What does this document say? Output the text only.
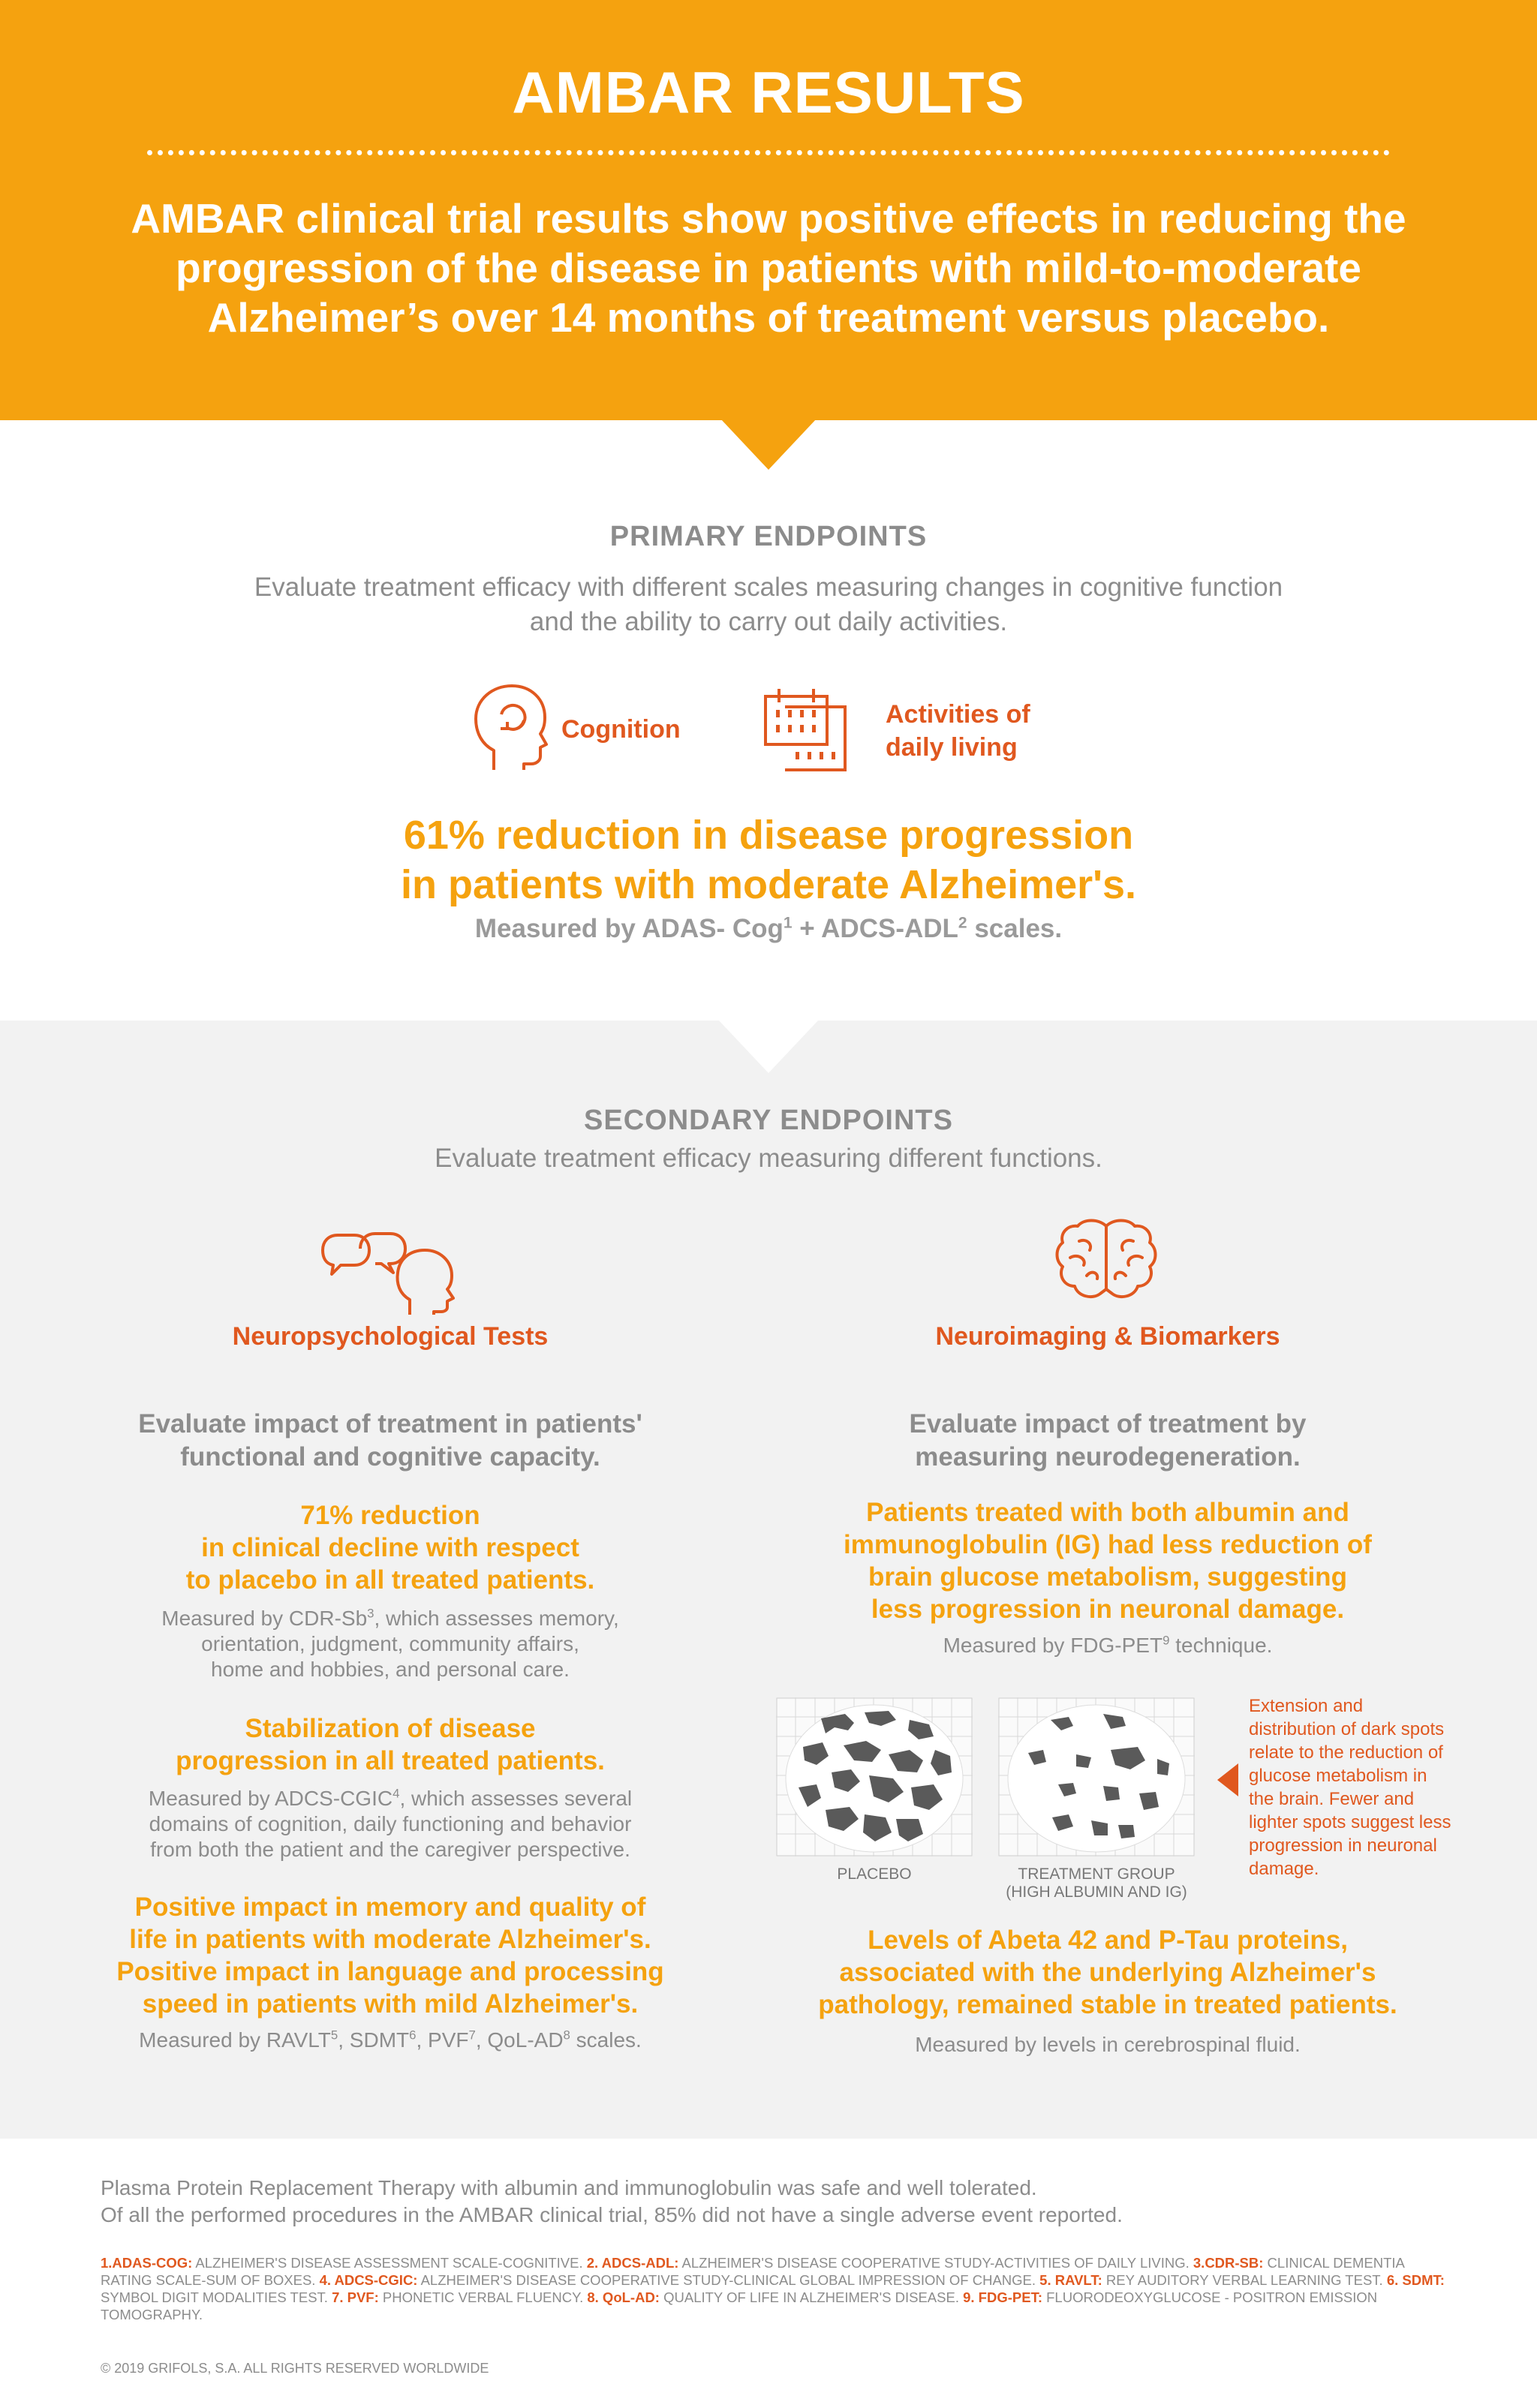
AMBAR RESULTS
AMBAR clinical trial results show positive effects in reducing the progression of the disease in patients with mild-to-moderate Alzheimer’s over 14 months of treatment versus placebo.
PRIMARY ENDPOINTS
Evaluate treatment efficacy with different scales measuring changes in cognitive function and the ability to carry out daily activities.
Cognition
Activities of
daily living
61% reduction in disease progression
in patients with moderate Alzheimer's.
Measured by ADAS- Cog$^1$ + ADCS-$ADL^2$ scales.
SECONDARY ENDPOINTS
Evaluate treatment efficacy measuring different functions.
Neuropsychological Tests
Evaluate impact of treatment in patients'
functional and cognitive capacity.
71% reduction
in clinical decline with respect
to placebo in all treated patients.
Measured by CDR-Sb$^3$, which assesses memory,
orientation, judgment, community affairs,
home and hobbies, and personal care.
Stabilization of disease
progression in all treated patients.
Measured by ADCS-CGIC$^4$, which assesses several
domains of cognition, daily functioning and behavior
from both the patient and the caregiver perspective.
Positive impact in memory and quality of
life in patients with moderate Alzheimer's.
Positive impact in language and processing
speed in patients with mild Alzheimer's.
Measured by RAVLT$^5$, SDMT$^6$, PVF$^7$, QoL-$AD^8$ scales.
Neuroimaging & Biomarkers
Evaluate impact of treatment by
measuring neurodegeneration.
Patients treated with both albumin and
immunoglobulin (IG) had less reduction of
brain glucose metabolism, suggesting
less progression in neuronal damage.
Measured by FDG-PET$^9$ technique.
PLACEBO	TREATMENT GROUP
(HIGH ALBUMIN AND IG)
Extension and distribution of dark spots relate to the reduction of glucose metabolism in the brain. Fewer and lighter spots suggest less progression in neuronal damage.
Levels of Abeta 42 and P-Tau proteins,
associated with the underlying Alzheimer's
pathology, remained stable in treated patients.
Measured by levels in cerebrospinal fluid.
Plasma Protein Replacement Therapy with albumin and immunoglobulin was safe and well tolerated.
Of all the performed procedures in the AMBAR clinical trial, 85% did not have a single adverse event reported.
1.ADAS-COG: ALZHEIMER'S DISEASE ASSESSMENT SCALE-COGNITIVE. 2. ADCS-ADL: ALZHEIMER'S DISEASE COOPERATIVE STUDY-ACTIVITIES OF DAILY LIVING. 3.CDR-SB: CLINICAL DEMENTIA RATING SCALE-SUM OF BOXES. 4. ADCS-CGIC: ALZHEIMER'S DISEASE COOPERATIVE STUDY-CLINICAL GLOBAL IMPRESSION OF CHANGE. 5. RAVLT: REY AUDITORY VERBAL LEARNING TEST. 6. SDMT: SYMBOL DIGIT MODALITIES TEST. 7. PVF: PHONETIC VERBAL FLUENCY. 8. QoL-AD: QUALITY OF LIFE IN ALZHEIMER'S DISEASE. 9. FDG-PET: FLUORODEOXYGLUCOSE - POSITRON EMISSION TOMOGRAPHY.
© 2019 GRIFOLS, S.A. ALL RIGHTS RESERVED WORLDWIDE
